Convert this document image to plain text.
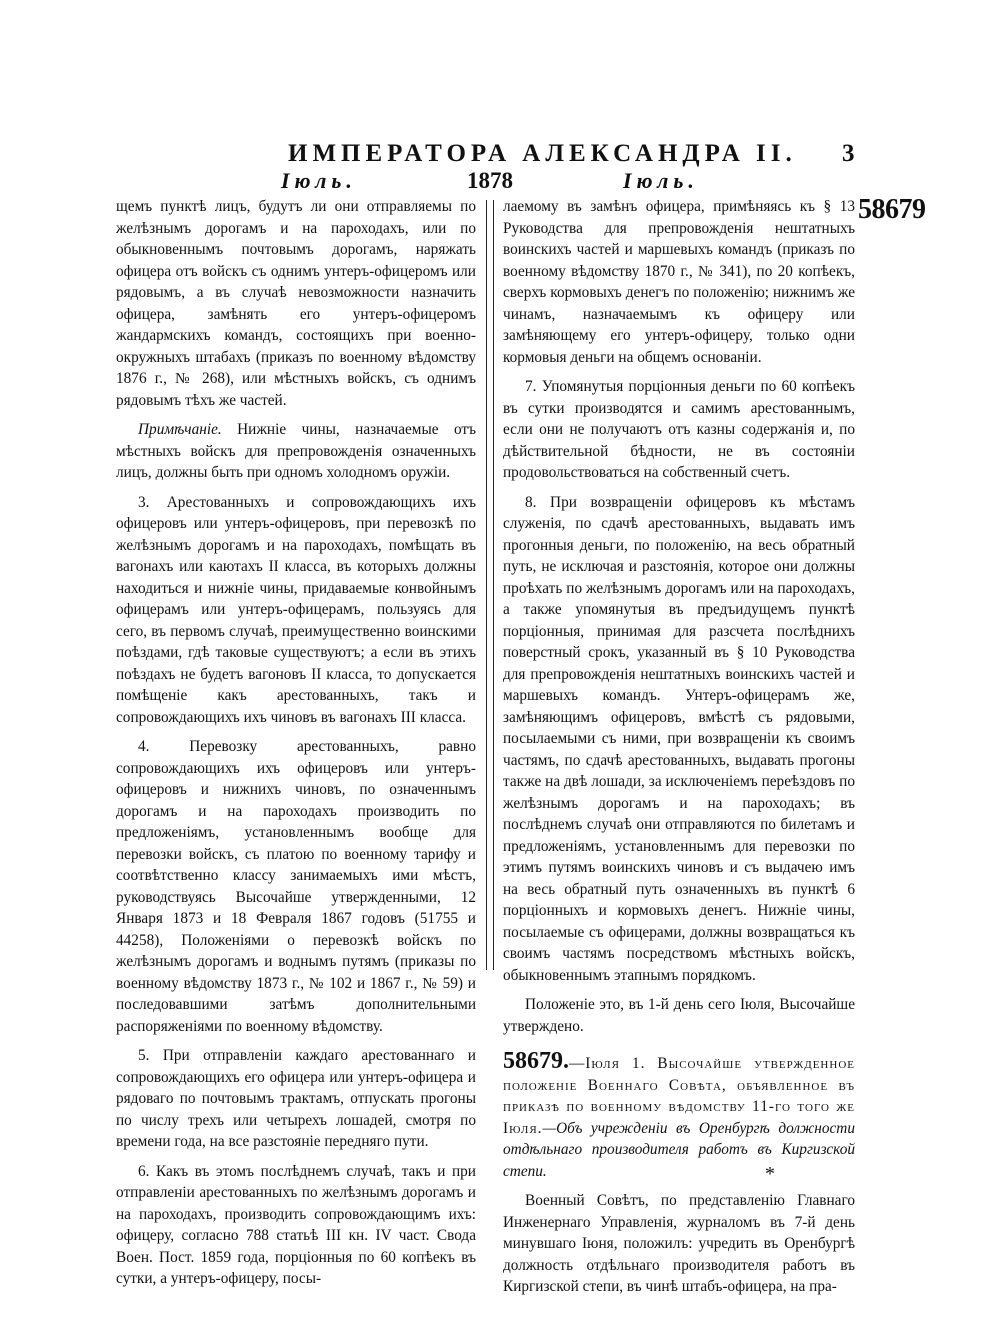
ИМПЕРАТОРА АЛЕКСАНДРА II. 3
Іюль.	1878	Іюль.
58679

щемъ пунктѣ лицъ, будутъ ли они отправляемы по желѣзнымъ дорогамъ и на пароходахъ, или по обыкновеннымъ почтовымъ дорогамъ, наряжать офицера отъ войскъ съ однимъ унтеръ-офицеромъ или рядовымъ, а въ случаѣ невозможности назначить офицера, замѣнять его унтеръ-офицеромъ жандармскихъ командъ, состоящихъ при военно-окружныхъ штабахъ (приказъ по военному вѣдомству 1876 г., № 268), или мѣстныхъ войскъ, съ однимъ рядовымъ тѣхъ же частей.

Примѣчаніе. Нижніе чины, назначаемые отъ мѣстныхъ войскъ для препровожденія означенныхъ лицъ, должны быть при одномъ холодномъ оружіи.

3. Арестованныхъ и сопровождающихъ ихъ офицеровъ или унтеръ-офицеровъ, при перевозкѣ по желѣзнымъ дорогамъ и на пароходахъ, помѣщать въ вагонахъ или каютахъ II класса, въ которыхъ должны находиться и нижніе чины, придаваемые конвойнымъ офицерамъ или унтеръ-офицерамъ, пользуясь для сего, въ первомъ случаѣ, преимущественно воинскими поѣздами, гдѣ таковые существуютъ; а если въ этихъ поѣздахъ не будетъ вагоновъ II класса, то допускается помѣщеніе какъ арестованныхъ, такъ и сопровождающихъ ихъ чиновъ въ вагонахъ III класса.

4. Перевозку арестованныхъ, равно сопровождающихъ ихъ офицеровъ или унтеръ-офицеровъ и нижнихъ чиновъ, по означеннымъ дорогамъ и на пароходахъ производить по предложеніямъ, установленнымъ вообще для перевозки войскъ, съ платою по военному тарифу и соотвѣтственно классу занимаемыхъ ими мѣстъ, руководствуясь Высочайше утвержденными, 12 Января 1873 и 18 Февраля 1867 годовъ (51755 и 44258), Положеніями о перевозкѣ войскъ по желѣзнымъ дорогамъ и воднымъ путямъ (приказы по военному вѣдомству 1873 г., № 102 и 1867 г., № 59) и последовавшими затѣмъ дополнительными распоряженіями по военному вѣдомству.

5. При отправленіи каждаго арестованнаго и сопровождающихъ его офицера или унтеръ-офицера и рядоваго по почтовымъ трактамъ, отпускать прогоны по числу трехъ или четырехъ лошадей, смотря по времени года, на все разстояніе передняго пути.

6. Какъ въ этомъ послѣднемъ случаѣ, такъ и при отправленіи арестованныхъ по желѣзнымъ дорогамъ и на пароходахъ, производить сопровождающимъ ихъ: офицеру, согласно 788 статьѣ III кн. IV част. Свода Воен. Пост. 1859 года, порціонныя по 60 копѣекъ въ сутки, а унтеръ-офицеру, посы-

лаемому въ замѣнъ офицера, примѣняясь къ § 13 Руководства для препровожденія нештатныхъ воинскихъ частей и маршевыхъ командъ (приказъ по военному вѣдомству 1870 г., № 341), по 20 копѣекъ, сверхъ кормовыхъ денегъ по положенію; нижнимъ же чинамъ, назначаемымъ къ офицеру или замѣняющему его унтеръ-офицеру, только одни кормовыя деньги на общемъ основаніи.

7. Упомянутыя порціонныя деньги по 60 копѣекъ въ сутки производятся и самимъ арестованнымъ, если они не получаютъ отъ казны содержанія и, по дѣйствительной бѣдности, не въ состояніи продовольствоваться на собственный счетъ.

8. При возвращеніи офицеровъ къ мѣстамъ служенія, по сдачѣ арестованныхъ, выдавать имъ прогонныя деньги, по положенію, на весь обратный путь, не исключая и разстоянія, которое они должны проѣхать по желѣзнымъ дорогамъ или на пароходахъ, а также упомянутыя въ предъидущемъ пунктѣ порціонныя, принимая для разсчета послѣднихъ поверстный срокъ, указанный въ § 10 Руководства для препровожденія нештатныхъ воинскихъ частей и маршевыхъ командъ. Унтеръ-офицерамъ же, замѣняющимъ офицеровъ, вмѣстѣ съ рядовыми, посылаемыми съ ними, при возвращеніи къ своимъ частямъ, по сдачѣ арестованныхъ, выдавать прогоны также на двѣ лошади, за исключеніемъ переѣздовъ по желѣзнымъ дорогамъ и на пароходахъ; въ послѣднемъ случаѣ они отправляются по билетамъ и предложеніямъ, установленнымъ для перевозки по этимъ путямъ воинскихъ чиновъ и съ выдачею имъ на весь обратный путь означенныхъ въ пунктѣ 6 порціонныхъ и кормовыхъ денегъ. Нижніе чины, посылаемые съ офицерами, должны возвращаться къ своимъ частямъ посредствомъ мѣстныхъ войскъ, обыкновеннымъ этапнымъ порядкомъ.

Положеніе это, въ 1-й день сего Іюля, Высочайше утверждено.

58679.—Іюля 1. Высочайше утвержденное положеніе Военнаго Совѣта, объявленное въ приказѣ по военному вѣдомству 11-го того же Іюля.—Объ учрежденіи въ Оренбургѣ должности отдѣльнаго производителя работъ въ Киргизской степи.

Военный Совѣтъ, по представленію Главнаго Инженернаго Управленія, журналомъ въ 7-й день минувшаго Іюня, положилъ: учредить въ Оренбургѣ должность отдѣльнаго производителя работъ въ Киргизской степи, въ чинѣ штабъ-офицера, на пра-

*
